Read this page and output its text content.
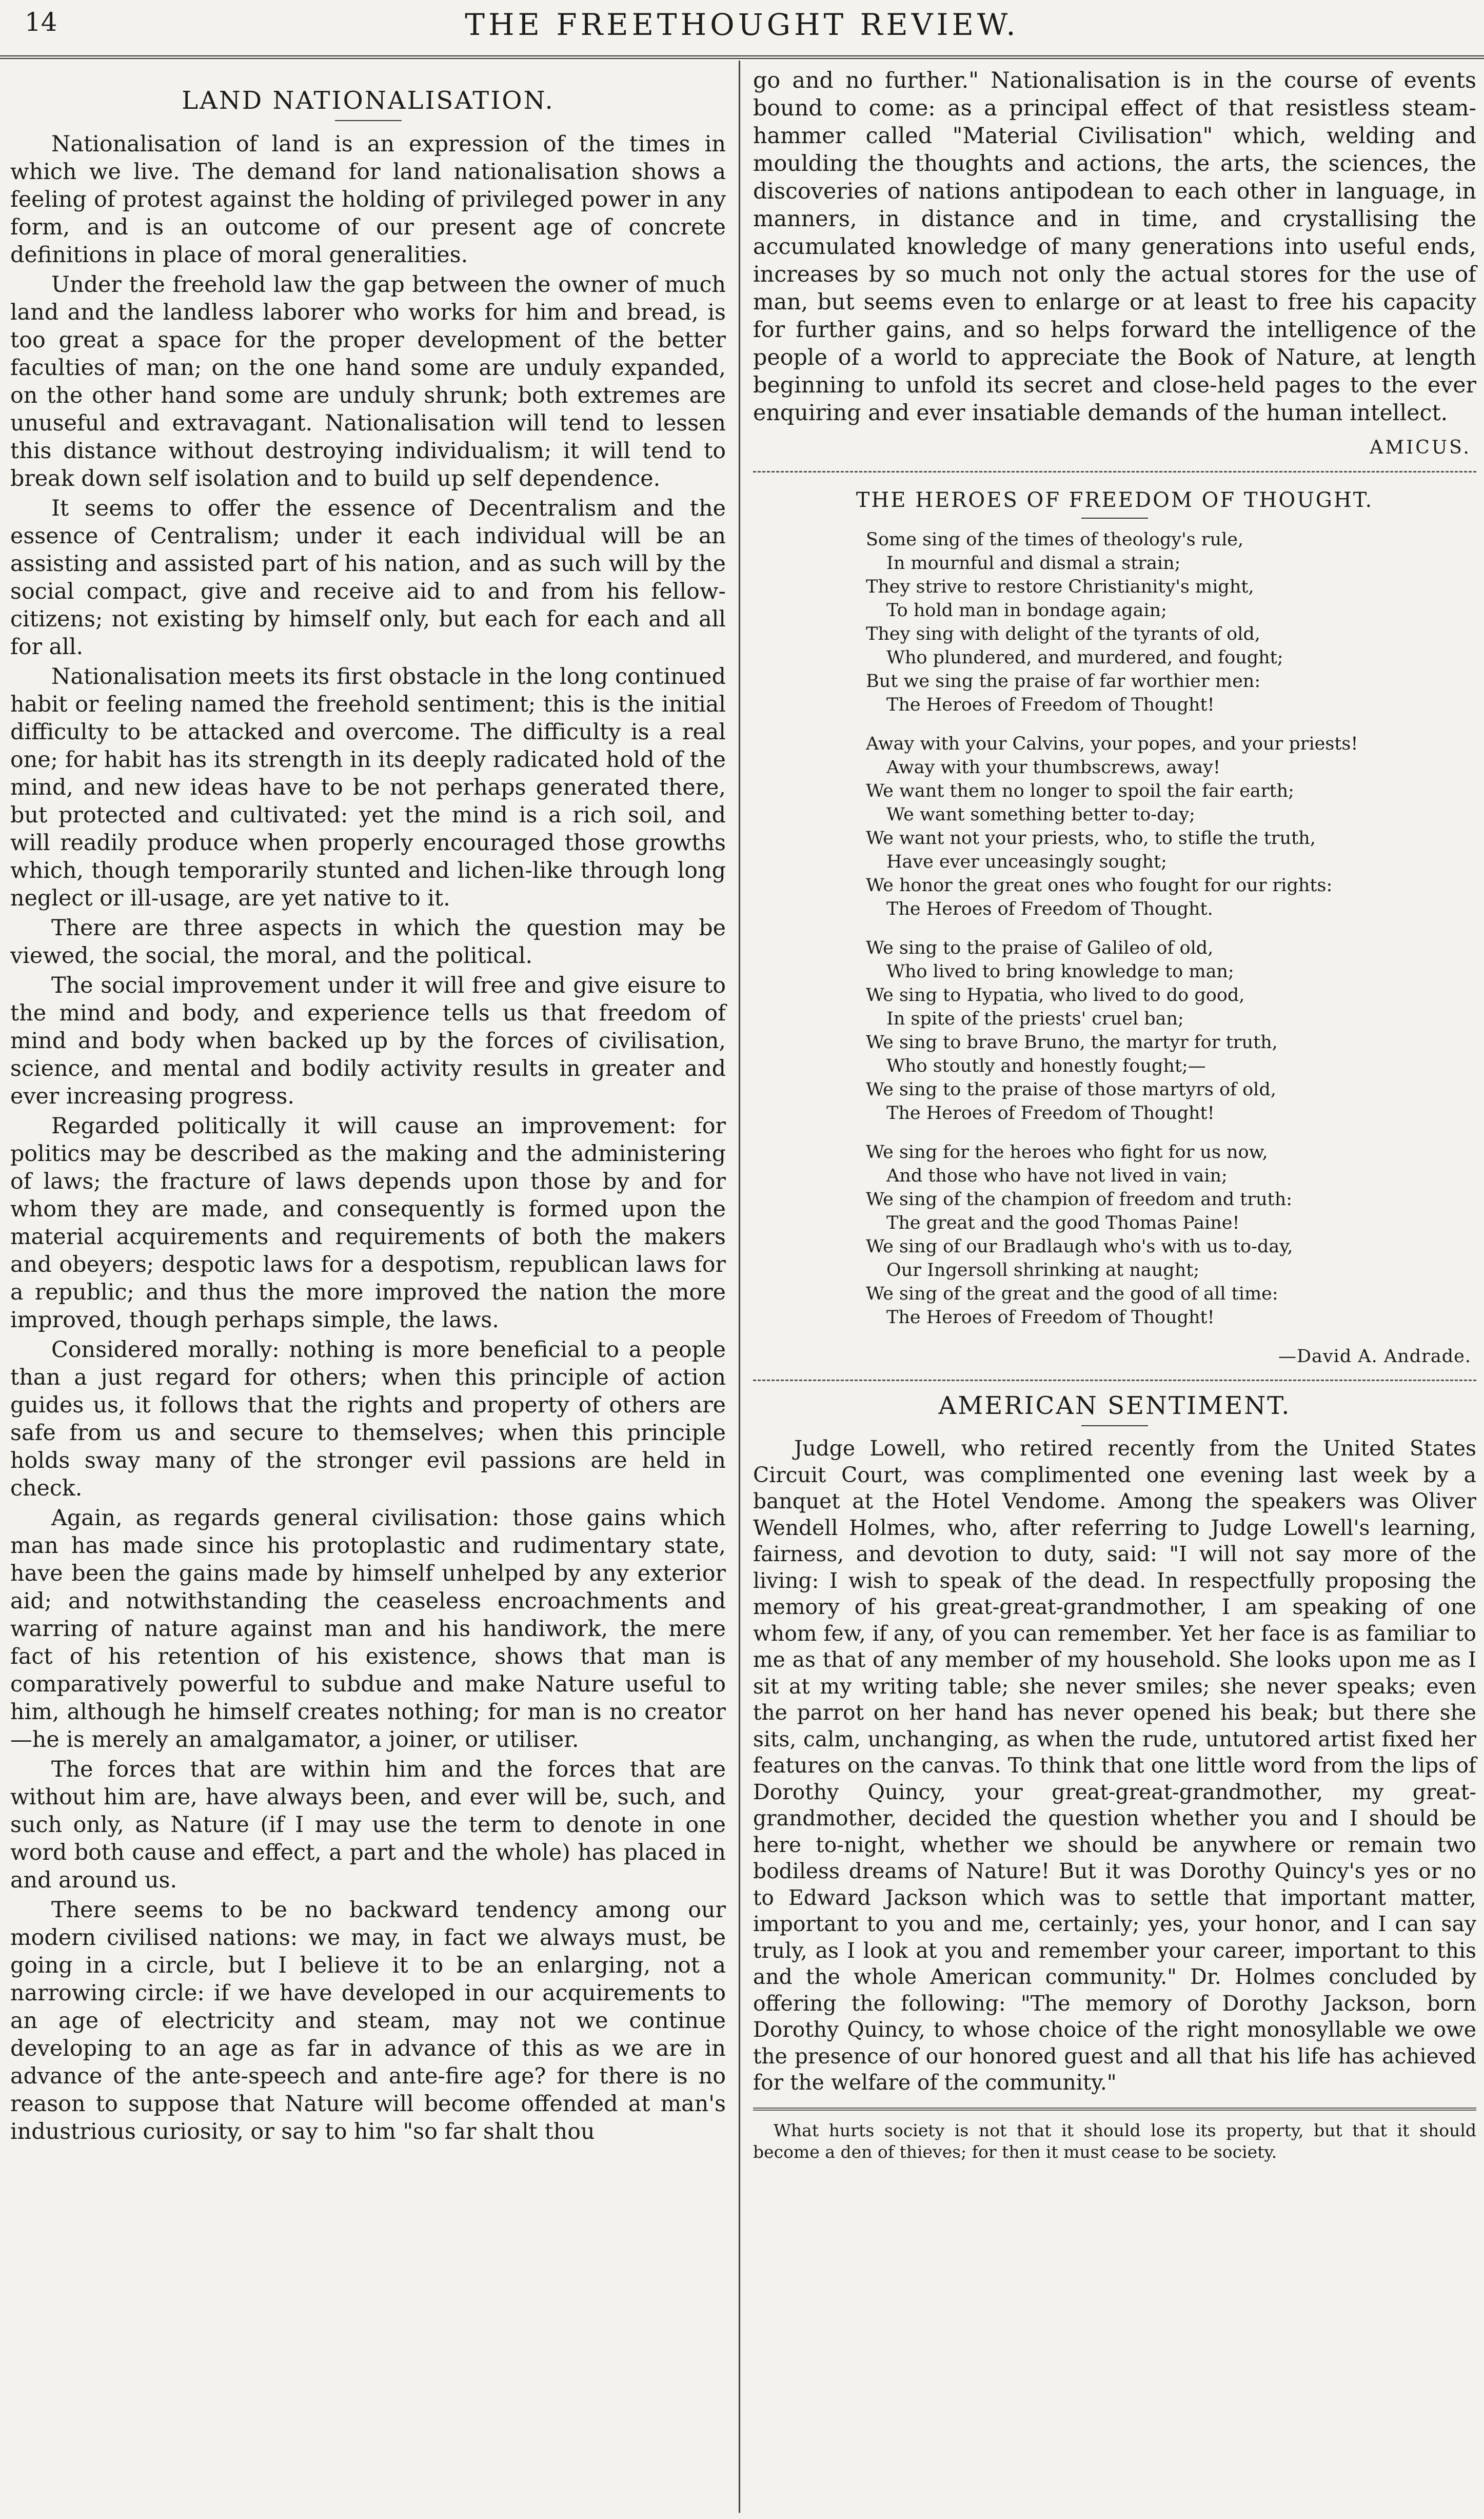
14	THE FREETHOUGHT REVIEW.
LAND NATIONALISATION.

Nationalisation of land is an expression of the times in which we live. The demand for land nationalisation shows a feeling of protest against the holding of privileged power in any form, and is an outcome of our present age of concrete definitions in place of moral generalities.

Under the freehold law the gap between the owner of much land and the landless laborer who works for him and bread, is too great a space for the proper development of the better faculties of man; on the one hand some are unduly expanded, on the other hand some are unduly shrunk; both extremes are unuseful and extravagant. Nationalisation will tend to lessen this distance without destroying individualism; it will tend to break down self isolation and to build up self dependence.

It seems to offer the essence of Decentralism and the essence of Centralism; under it each individual will be an assisting and assisted part of his nation, and as such will by the social compact, give and receive aid to and from his fellow-citizens; not existing by himself only, but each for each and all for all.

Nationalisation meets its first obstacle in the long continued habit or feeling named the freehold sentiment; this is the initial difficulty to be attacked and overcome. The difficulty is a real one; for habit has its strength in its deeply radicated hold of the mind, and new ideas have to be not perhaps generated there, but protected and cultivated: yet the mind is a rich soil, and will readily produce when properly encouraged those growths which, though temporarily stunted and lichen-like through long neglect or ill-usage, are yet native to it.

There are three aspects in which the question may be viewed, the social, the moral, and the political.

The social improvement under it will free and give eisure to the mind and body, and experience tells us that freedom of mind and body when backed up by the forces of civilisation, science, and mental and bodily activity results in greater and ever increasing progress.

Regarded politically it will cause an improvement: for politics may be described as the making and the administering of laws; the fracture of laws depends upon those by and for whom they are made, and consequently is formed upon the material acquirements and requirements of both the makers and obeyers; despotic laws for a despotism, republican laws for a republic; and thus the more improved the nation the more improved, though perhaps simple, the laws.

Considered morally: nothing is more beneficial to a people than a just regard for others; when this principle of action guides us, it follows that the rights and property of others are safe from us and secure to themselves; when this principle holds sway many of the stronger evil passions are held in check.

Again, as regards general civilisation: those gains which man has made since his protoplastic and rudimentary state, have been the gains made by himself unhelped by any exterior aid; and notwithstanding the ceaseless encroachments and warring of nature against man and his handiwork, the mere fact of his retention of his existence, shows that man is comparatively powerful to subdue and make Nature useful to him, although he himself creates nothing; for man is no creator—he is merely an amalgamator, a joiner, or utiliser.

The forces that are within him and the forces that are without him are, have always been, and ever will be, such, and such only, as Nature (if I may use the term to denote in one word both cause and effect, a part and the whole) has placed in and around us.

There seems to be no backward tendency among our modern civilised nations: we may, in fact we always must, be going in a circle, but I believe it to be an enlarging, not a narrowing circle: if we have developed in our acquirements to an age of electricity and steam, may not we continue developing to an age as far in advance of this as we are in advance of the ante-speech and ante-fire age? for there is no reason to suppose that Nature will become offended at man's industrious curiosity, or say to him "so far shalt thou

go and no further." Nationalisation is in the course of events bound to come: as a principal effect of that resistless steam-hammer called "Material Civilisation" which, welding and moulding the thoughts and actions, the arts, the sciences, the discoveries of nations antipodean to each other in language, in manners, in distance and in time, and crystallising the accumulated knowledge of many generations into useful ends, increases by so much not only the actual stores for the use of man, but seems even to enlarge or at least to free his capacity for further gains, and so helps forward the intelligence of the people of a world to appreciate the Book of Nature, at length beginning to unfold its secret and close-held pages to the ever enquiring and ever insatiable demands of the human intellect.

AMICUS.
THE HEROES OF FREEDOM OF THOUGHT.
Some sing of the times of theology's rule,
In mournful and dismal a strain;
They strive to restore Christianity's might,
To hold man in bondage again;
They sing with delight of the tyrants of old,
Who plundered, and murdered, and fought;
But we sing the praise of far worthier men:
The Heroes of Freedom of Thought!
Away with your Calvins, your popes, and your priests!
Away with your thumbscrews, away!
We want them no longer to spoil the fair earth;
We want something better to-day;
We want not your priests, who, to stifle the truth,
Have ever unceasingly sought;
We honor the great ones who fought for our rights:
The Heroes of Freedom of Thought.
We sing to the praise of Galileo of old,
Who lived to bring knowledge to man;
We sing to Hypatia, who lived to do good,
In spite of the priests' cruel ban;
We sing to brave Bruno, the martyr for truth,
Who stoutly and honestly fought;—
We sing to the praise of those martyrs of old,
The Heroes of Freedom of Thought!
We sing for the heroes who fight for us now,
And those who have not lived in vain;
We sing of the champion of freedom and truth:
The great and the good Thomas Paine!
We sing of our Bradlaugh who's with us to-day,
Our Ingersoll shrinking at naught;
We sing of the great and the good of all time:
The Heroes of Freedom of Thought!
—David A. Andrade.
AMERICAN SENTIMENT.

Judge Lowell, who retired recently from the United States Circuit Court, was complimented one evening last week by a banquet at the Hotel Vendome. Among the speakers was Oliver Wendell Holmes, who, after referring to Judge Lowell's learning, fairness, and devotion to duty, said: "I will not say more of the living: I wish to speak of the dead. In respectfully proposing the memory of his great-great-grandmother, I am speaking of one whom few, if any, of you can remember. Yet her face is as familiar to me as that of any member of my household. She looks upon me as I sit at my writing table; she never smiles; she never speaks; even the parrot on her hand has never opened his beak; but there she sits, calm, unchanging, as when the rude, untutored artist fixed her features on the canvas. To think that one little word from the lips of Dorothy Quincy, your great-great-grandmother, my great-grandmother, decided the question whether you and I should be here to-night, whether we should be anywhere or remain two bodiless dreams of Nature! But it was Dorothy Quincy's yes or no to Edward Jackson which was to settle that important matter, important to you and me, certainly; yes, your honor, and I can say truly, as I look at you and remember your career, important to this and the whole American community." Dr. Holmes concluded by offering the following: "The memory of Dorothy Jackson, born Dorothy Quincy, to whose choice of the right monosyllable we owe the presence of our honored guest and all that his life has achieved for the welfare of the community."

What hurts society is not that it should lose its property, but that it should become a den of thieves; for then it must cease to be society.
